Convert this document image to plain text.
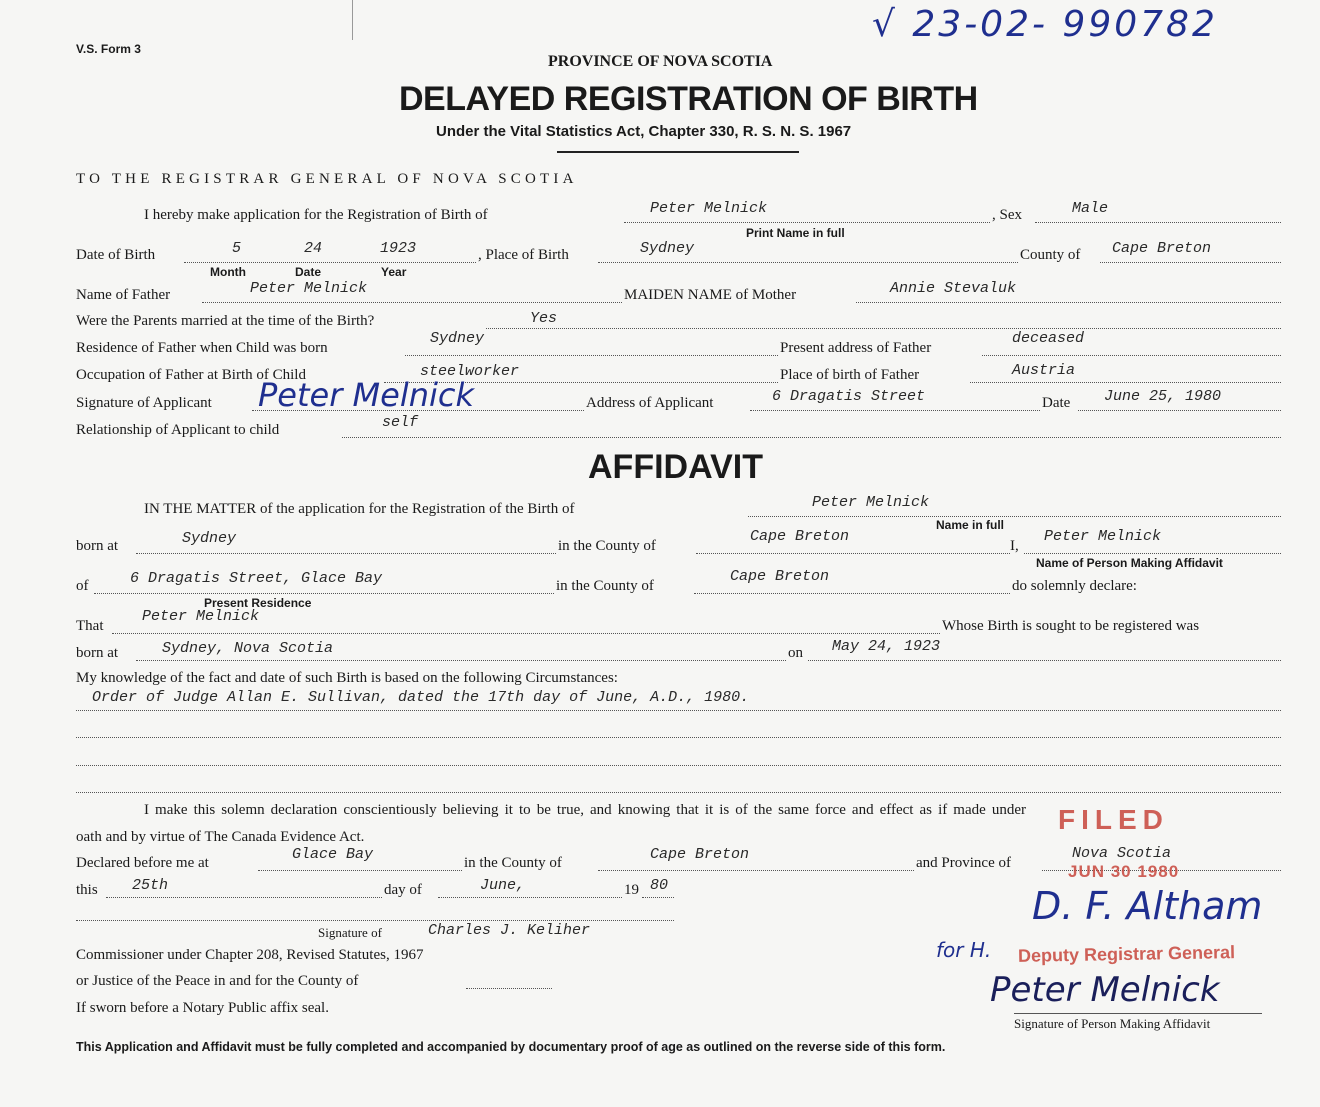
V.S. Form 3
√ 23-02- 990782
PROVINCE OF NOVA SCOTIA
DELAYED REGISTRATION OF BIRTH
Under the Vital Statistics Act, Chapter 330, R. S. N. S. 1967
TO THE REGISTRAR GENERAL OF NOVA SCOTIA
I hereby make application for the Registration of Birth of	Peter Melnick	, Sex	Male
Print Name in full
Date of Birth	5	24	1923
Month	Date	Year
, Place of Birth	Sydney	County of Cape Breton
Name of Father	Peter Melnick	MAIDEN NAME of Mother	Annie Stevaluk
Were the Parents married at the time of the Birth?	Yes
Residence of Father when Child was born
Sydney
Present address of Father
deceased
Occupation of Father at Birth of Child	steelworker	Place of birth of Father	Austria
Signature of Applicant Peter Melnick	Address of Applicant	6 Dragatis Street	Date June 25, 1980
Relationship of Applicant to child	self
AFFIDAVIT
IN THE MATTER of the application for the Registration of the Birth of	Peter Melnick
Name in full
born at	Sydney	in the County of
Cape Breton
I,
Peter Melnick
Name of Person Making Affidavit
of	6 Dragatis Street, Glace Bay
Present Residence
in the County of
Cape Breton
do solemnly declare:
That
Peter Melnick
Whose Birth is sought to be registered was
born at	Sydney, Nova Scotia	on May 24, 1923
My knowledge of the fact and date of such Birth is based on the following Circumstances:
Order of Judge Allan E. Sullivan, dated the 17th day of June, A.D., 1980.
I make this solemn declaration conscientiously believing it to be true, and knowing that it is of the same force and effect as if made under
oath and by virtue of The Canada Evidence Act.
Declared before me at	Glace Bay	in the County of	Cape Breton	and Province of
Nova Scotia
this 25th	day of	June,	19 80
Signature of	Charles J. Keliher
Commissioner under Chapter 208, Revised Statutes, 1967
or Justice of the Peace in and for the County of
If sworn before a Notary Public affix seal.
FILED
JUN 30 1980
D. F. Altham
for H. Deputy Registrar General
Peter Melnick
Signature of Person Making Affidavit
This Application and Affidavit must be fully completed and accompanied by documentary proof of age as outlined on the reverse side of this form.
